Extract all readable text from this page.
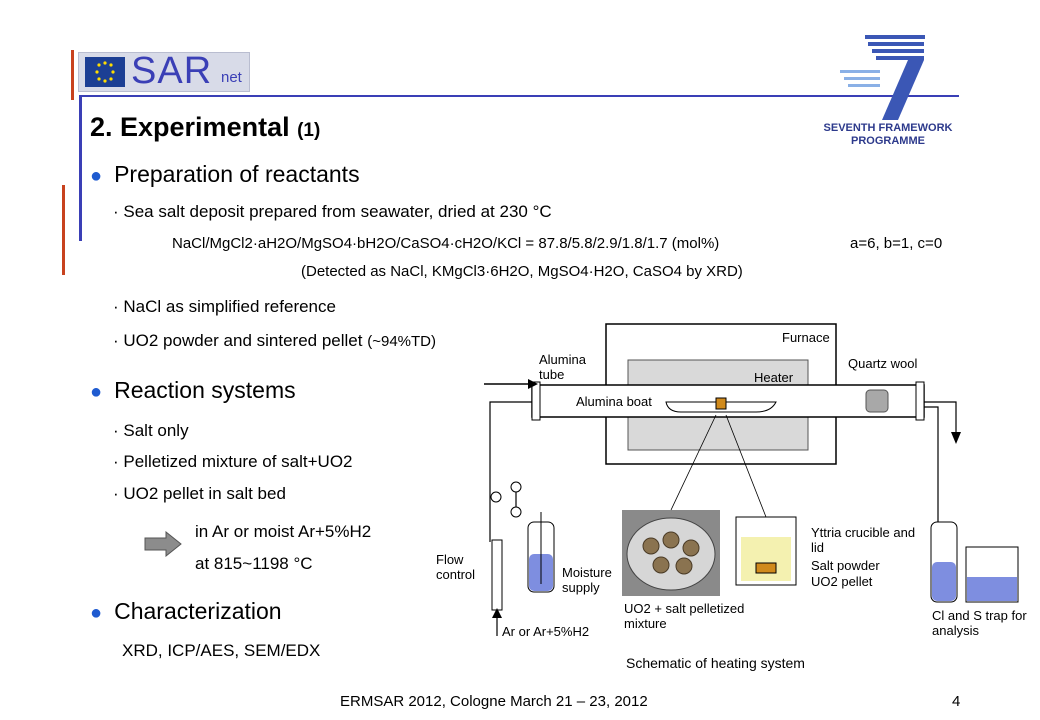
SAR net
SEVENTH FRAMEWORK PROGRAMME
2. Experimental (1)
● Preparation of reactants
· Sea salt deposit prepared from seawater, dried at 230 °C
NaCl/MgCl2·aH2O/MgSO4·bH2O/CaSO4·cH2O/KCl = 87.8/5.8/2.9/1.8/1.7 (mol%)	a=6, b=1, c=0
(Detected as NaCl, KMgCl3·6H2O, MgSO4·H2O, CaSO4 by XRD)
· NaCl as simplified reference
· UO2 powder and sintered pellet (~94%TD)
● Reaction systems
· Salt only
· Pelletized mixture of salt+UO2
· UO2 pellet in salt bed
in Ar or moist Ar+5%H2
at 815~1198 °C
● Characterization
XRD, ICP/AES, SEM/EDX
Furnace
Alumina tube	Heater
Quartz wool
Alumina boat
Yttria crucible and lid
Salt powder
UO2 pellet
Flow control	Moisture supply
UO2 + salt pelletized mixture
Cl and S trap for analysis
Ar or Ar+5%H2
Schematic of heating system
ERMSAR 2012, Cologne March 21 – 23, 2012	4
